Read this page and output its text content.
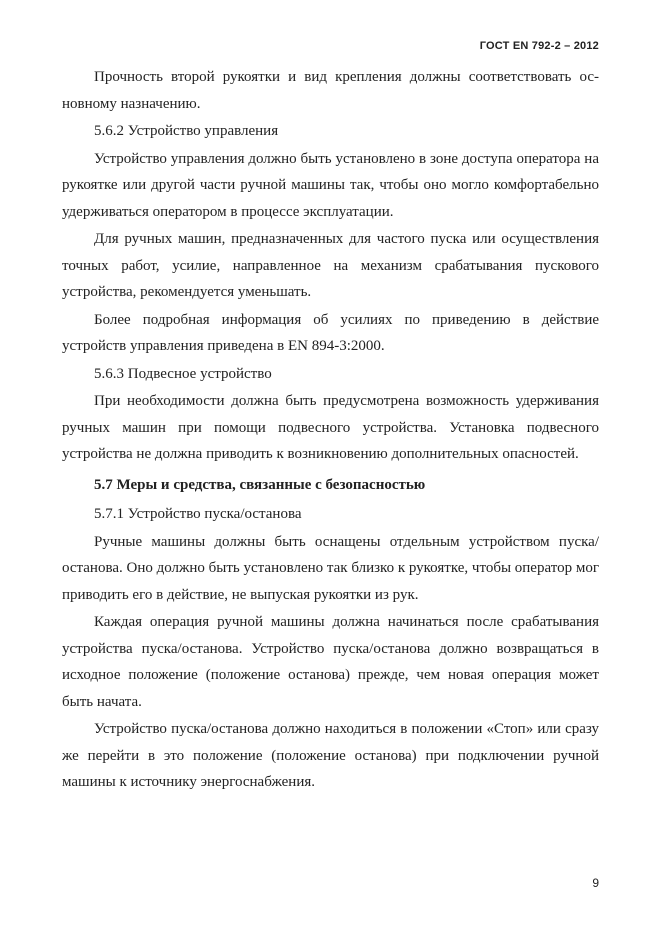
ГОСТ EN 792-2 – 2012

Прочность второй рукоятки и вид крепления должны соответствовать основному назначению.

5.6.2 Устройство управления

Устройство управления должно быть установлено в зоне доступа оператора на рукоятке или другой части ручной машины так, чтобы оно могло комфортабельно удерживаться оператором в процессе эксплуатации.

Для ручных машин, предназначенных для частого пуска или осуществления точных работ, усилие, направленное на механизм срабатывания пускового устройства, рекомендуется уменьшать.

Более подробная информация об усилиях по приведению в действие устройств управления приведена в EN 894-3:2000.

5.6.3 Подвесное устройство

При необходимости должна быть предусмотрена возможность удерживания ручных машин при помощи подвесного устройства. Установка подвесного устройства не должна приводить к возникновению дополнительных опасностей.

5.7 Меры и средства, связанные с безопасностью

5.7.1 Устройство пуска/останова

Ручные машины должны быть оснащены отдельным устройством пуска/останова. Оно должно быть установлено так близко к рукоятке, чтобы оператор мог приводить его в действие, не выпуская рукоятки из рук.

Каждая операция ручной машины должна начинаться после срабатывания устройства пуска/останова. Устройство пуска/останова должно возвращаться в исходное положение (положение останова) прежде, чем новая операция может быть начата.

Устройство пуска/останова должно находиться в положении «Стоп» или сразу же перейти в это положение (положение останова) при подключении ручной машины к источнику энергоснабжения.

9
